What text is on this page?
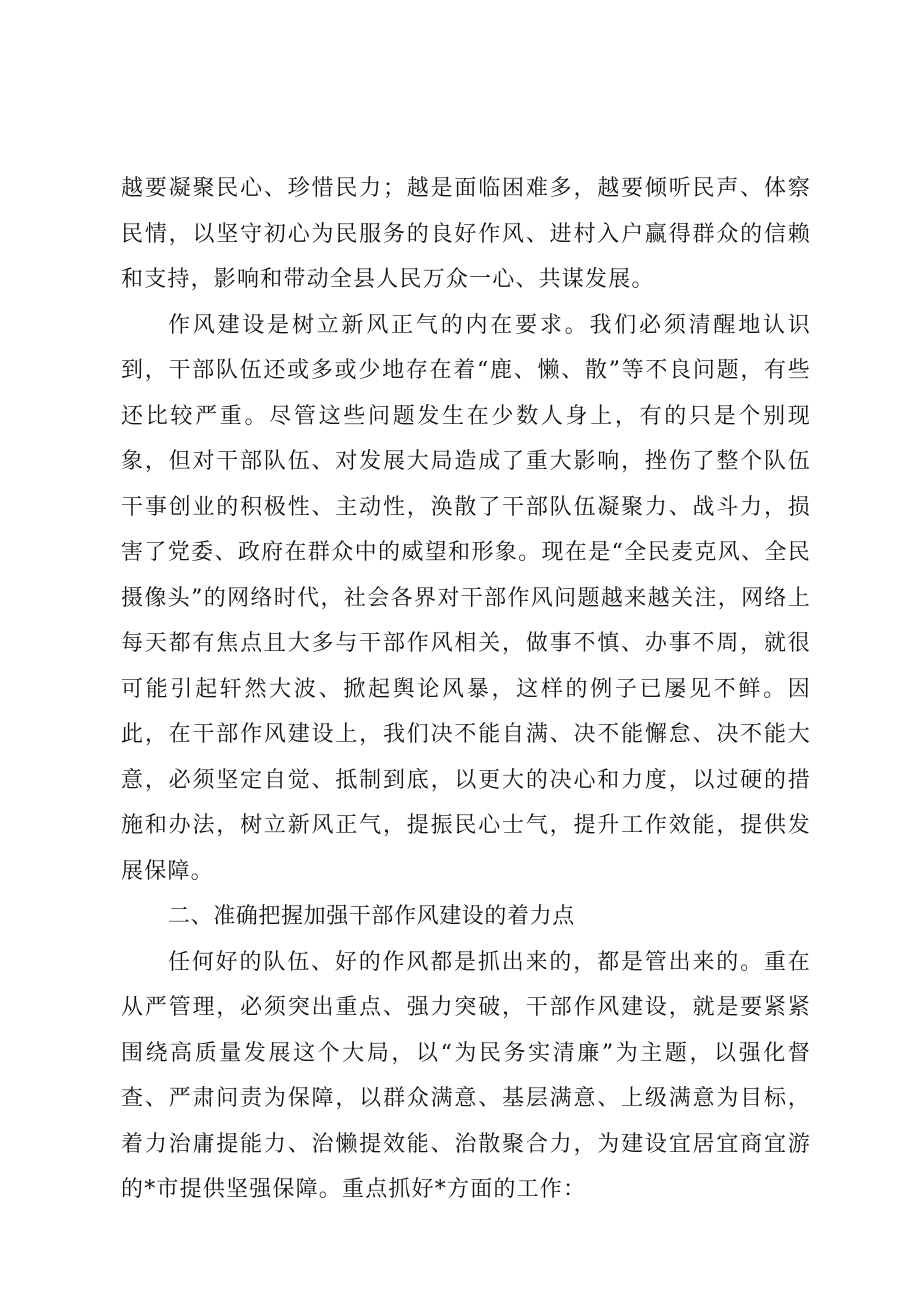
越要凝聚民心、珍惜民力；越是面临困难多，越要倾听民声、体察民情，以坚守初心为民服务的良好作风、进村入户赢得群众的信赖和支持，影响和带动全县人民万众一心、共谋发展。

作风建设是树立新风正气的内在要求。我们必须清醒地认识到，干部队伍还或多或少地存在着“鹿、懒、散”等不良问题，有些还比较严重。尽管这些问题发生在少数人身上，有的只是个别现象，但对干部队伍、对发展大局造成了重大影响，挫伤了整个队伍干事创业的积极性、主动性，涣散了干部队伍凝聚力、战斗力，损害了党委、政府在群众中的威望和形象。现在是“全民麦克风、全民摄像头”的网络时代，社会各界对干部作风问题越来越关注，网络上每天都有焦点且大多与干部作风相关，做事不慎、办事不周，就很可能引起轩然大波、掀起舆论风暴，这样的例子已屡见不鲜。因此，在干部作风建设上，我们决不能自满、决不能懈怠、决不能大意，必须坚定自觉、抵制到底，以更大的决心和力度，以过硬的措施和办法，树立新风正气，提振民心士气，提升工作效能，提供发展保障。

二、准确把握加强干部作风建设的着力点

任何好的队伍、好的作风都是抓出来的，都是管出来的。重在从严管理，必须突出重点、强力突破，干部作风建设，就是要紧紧围绕高质量发展这个大局，以“为民务实清廉”为主题，以强化督查、严肃问责为保障，以群众满意、基层满意、上级满意为目标，着力治庸提能力、治懒提效能、治散聚合力，为建设宜居宜商宜游的*市提供坚强保障。重点抓好*方面的工作：
